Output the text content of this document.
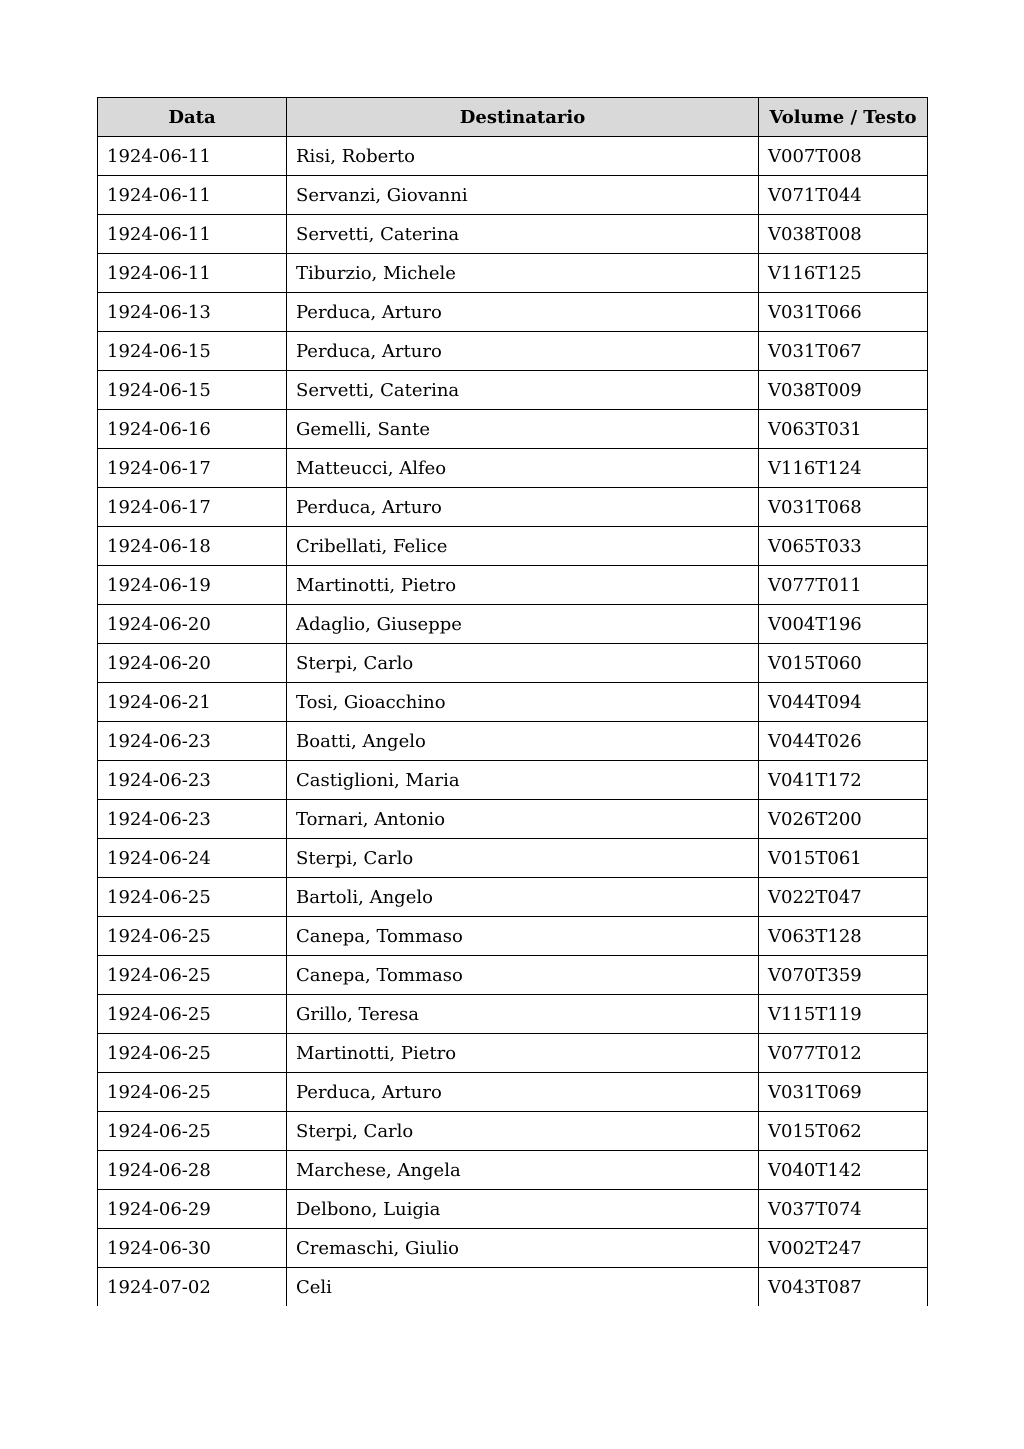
Data	Destinatario	Volume / Testo
1924-06-11	Risi, Roberto	V007T008
1924-06-11	Servanzi, Giovanni	V071T044
1924-06-11	Servetti, Caterina	V038T008
1924-06-11	Tiburzio, Michele	V116T125
1924-06-13	Perduca, Arturo	V031T066
1924-06-15	Perduca, Arturo	V031T067
1924-06-15	Servetti, Caterina	V038T009
1924-06-16	Gemelli, Sante	V063T031
1924-06-17	Matteucci, Alfeo	V116T124
1924-06-17	Perduca, Arturo	V031T068
1924-06-18	Cribellati, Felice	V065T033
1924-06-19	Martinotti, Pietro	V077T011
1924-06-20	Adaglio, Giuseppe	V004T196
1924-06-20	Sterpi, Carlo	V015T060
1924-06-21	Tosi, Gioacchino	V044T094
1924-06-23	Boatti, Angelo	V044T026
1924-06-23	Castiglioni, Maria	V041T172
1924-06-23	Tornari, Antonio	V026T200
1924-06-24	Sterpi, Carlo	V015T061
1924-06-25	Bartoli, Angelo	V022T047
1924-06-25	Canepa, Tommaso	V063T128
1924-06-25	Canepa, Tommaso	V070T359
1924-06-25	Grillo, Teresa	V115T119
1924-06-25	Martinotti, Pietro	V077T012
1924-06-25	Perduca, Arturo	V031T069
1924-06-25	Sterpi, Carlo	V015T062
1924-06-28	Marchese, Angela	V040T142
1924-06-29	Delbono, Luigia	V037T074
1924-06-30	Cremaschi, Giulio	V002T247
1924-07-02	Celi	V043T087
